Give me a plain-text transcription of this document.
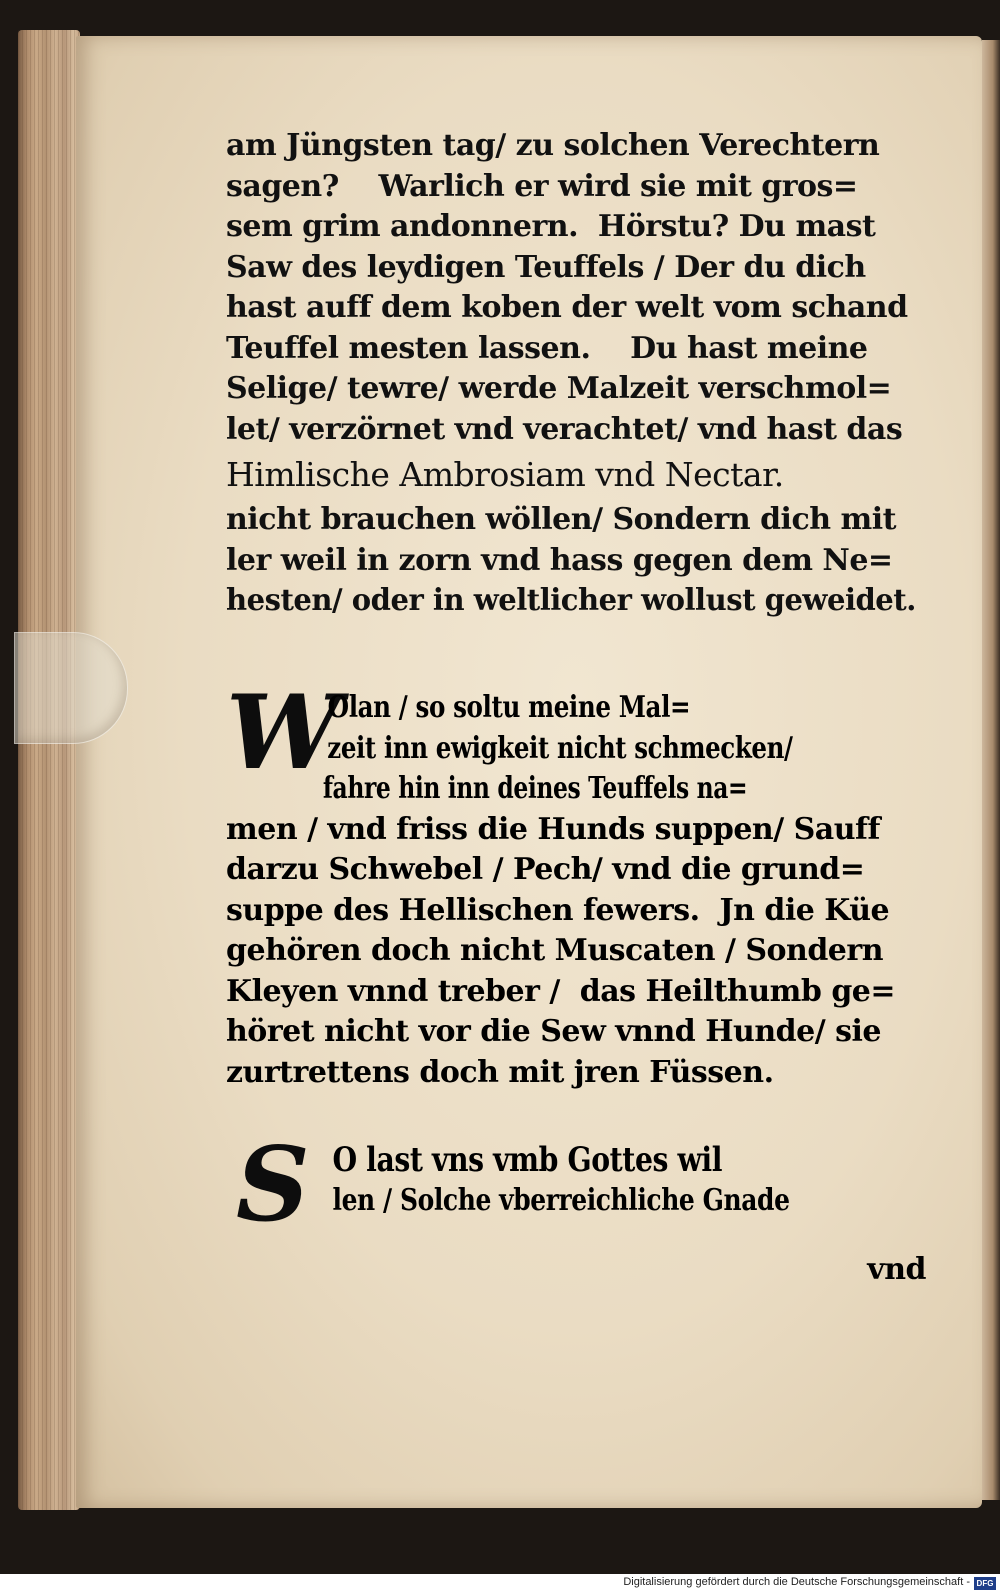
am Jüngsten tag/ zu solchen Verechtern
sagen?    Warlich er wird sie mit gros=
sem grim andonnern.  Hörstu? Du mast
Saw des leydigen Teuffels / Der du dich
hast auff dem koben der welt vom schand
Teuffel mesten lassen.    Du hast meine
Selige/ tewre/ werde Malzeit verschmol=
let/ verzörnet vnd verachtet/ vnd hast das
Himlische Ambrosiam vnd Nectar.
nicht brauchen wöllen/ Sondern dich mit
ler weil in zorn vnd hass gegen dem Ne=
hesten/ oder in weltlicher wollust geweidet.
W
Olan / so soltu meine Mal=
zeit inn ewigkeit nicht schmecken/
fahre hin inn deines Teuffels na=
men / vnd friss die Hunds suppen/ Sauff
darzu Schwebel / Pech/ vnd die grund=
suppe des Hellischen fewers.  Jn die Küe
gehören doch nicht Muscaten / Sondern
Kleyen vnnd treber /  das Heilthumb ge=
höret nicht vor die Sew vnnd Hunde/ sie
zurtrettens doch mit jren Füssen.
S O last vns vmb Gottes wil
len / Solche vberreichliche Gnade
vnd
Digitalisierung gefördert durch die Deutsche Forschungsgemeinschaft - DFG
